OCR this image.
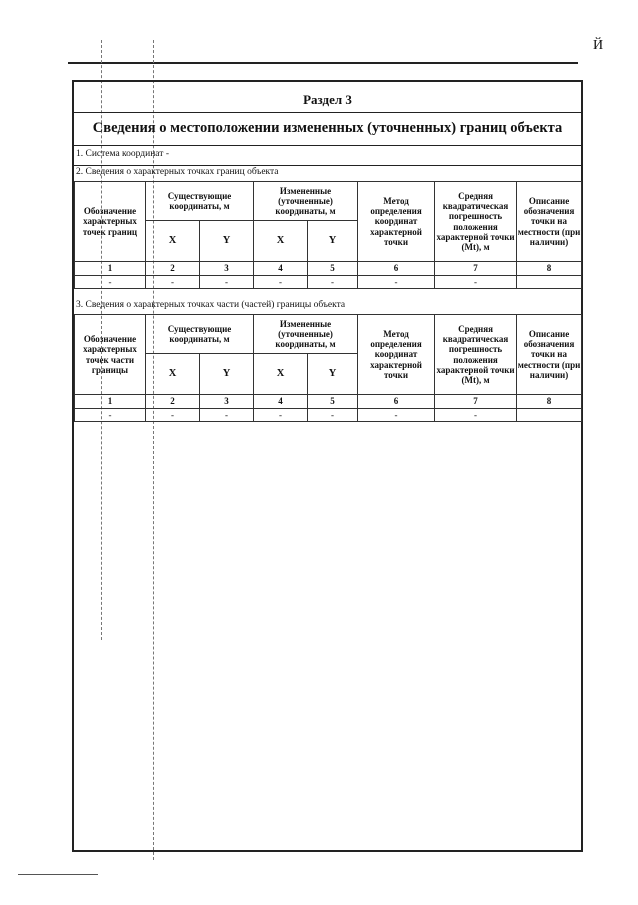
Й
Раздел 3
Сведения о местоположении измененных (уточненных) границ объекта
1. Система координат -
2. Сведения о характерных точках границ объекта
Обозначение характерных точек границ	Существующие координаты, м		Измененные (уточненные) координаты, м		Метод определения координат характерной точки	Средняя квадратическая погрешность положения характерной точки (Mt), м	Описание обозначения точки на местности (при наличии)
	X	Y	X	Y			
1	2	3	4	5	6	7	8
-	-	-	-	-	-	-	
3. Сведения о характерных точках части (частей) границы объекта
Обозначение характерных точек части границы	Существующие координаты, м		Измененные (уточненные) координаты, м		Метод определения координат характерной точки	Средняя квадратическая погрешность положения характерной точки (Mt), м	Описание обозначения точки на местности (при наличии)
	X	Y	X	Y			
1	2	3	4	5	6	7	8
-	-	-	-	-	-	-	
